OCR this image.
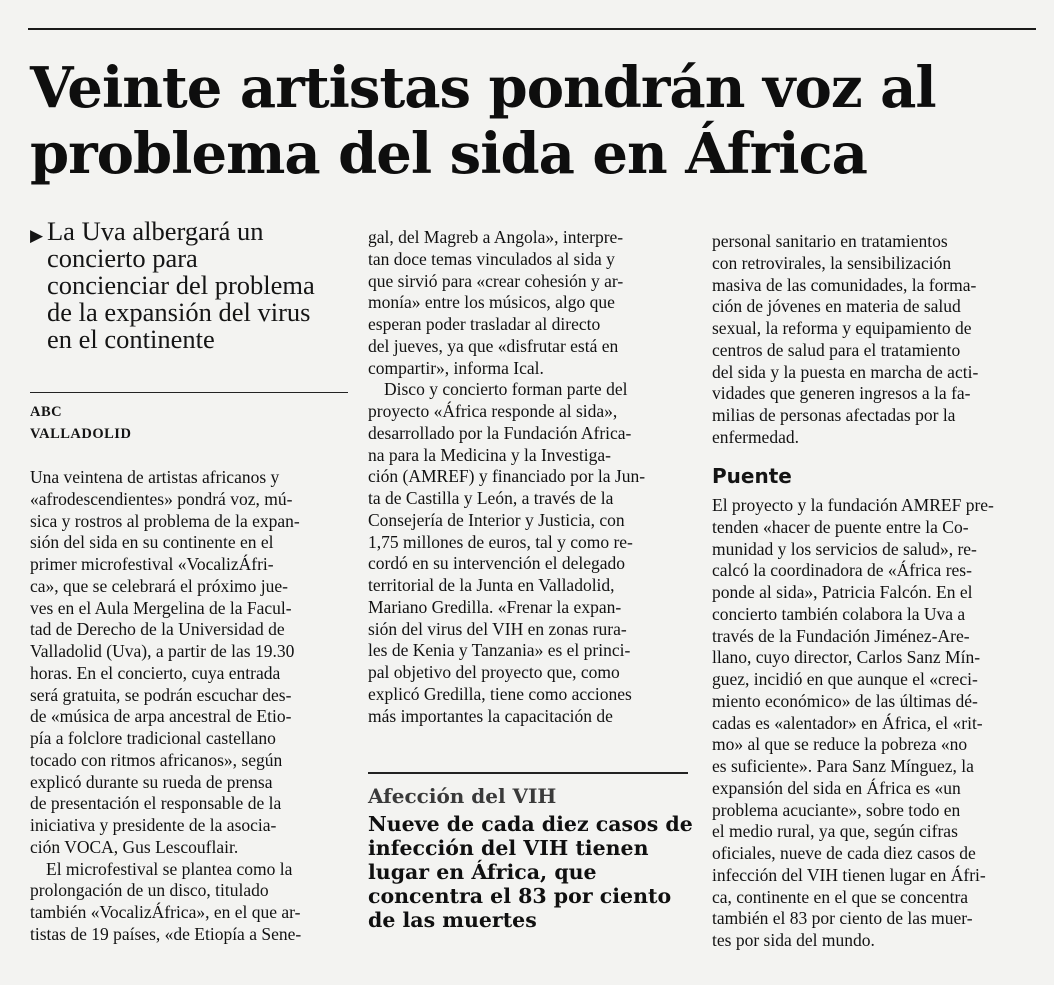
Veinte artistas pondrán voz al
problema del sida en África
▶ La Uva albergará un
concierto para
concienciar del problema
de la expansión del virus
en el continente
ABC
VALLADOLID
Una veintena de artistas africanos y
«afrodescendientes» pondrá voz, mú-
sica y rostros al problema de la expan-
sión del sida en su continente en el
primer microfestival «VocalizÁfri-
ca», que se celebrará el próximo jue-
ves en el Aula Mergelina de la Facul-
tad de Derecho de la Universidad de
Valladolid (Uva), a partir de las 19.30
horas. En el concierto, cuya entrada
será gratuita, se podrán escuchar des-
de «música de arpa ancestral de Etio-
pía a folclore tradicional castellano
tocado con ritmos africanos», según
explicó durante su rueda de prensa
de presentación el responsable de la
iniciativa y presidente de la asocia-
ción VOCA, Gus Lescouflair.
El microfestival se plantea como la
prolongación de un disco, titulado
también «VocalizÁfrica», en el que ar-
tistas de 19 países, «de Etiopía a Sene-
gal, del Magreb a Angola», interpre-
tan doce temas vinculados al sida y
que sirvió para «crear cohesión y ar-
monía» entre los músicos, algo que
esperan poder trasladar al directo
del jueves, ya que «disfrutar está en
compartir», informa Ical.
Disco y concierto forman parte del
proyecto «África responde al sida»,
desarrollado por la Fundación Africa-
na para la Medicina y la Investiga-
ción (AMREF) y financiado por la Jun-
ta de Castilla y León, a través de la
Consejería de Interior y Justicia, con
1,75 millones de euros, tal y como re-
cordó en su intervención el delegado
territorial de la Junta en Valladolid,
Mariano Gredilla. «Frenar la expan-
sión del virus del VIH en zonas rura-
les de Kenia y Tanzania» es el princi-
pal objetivo del proyecto que, como
explicó Gredilla, tiene como acciones
más importantes la capacitación de
Afección del VIH
Nueve de cada diez casos de
infección del VIH tienen
lugar en África, que
concentra el 83 por ciento
de las muertes
personal sanitario en tratamientos
con retrovirales, la sensibilización
masiva de las comunidades, la forma-
ción de jóvenes en materia de salud
sexual, la reforma y equipamiento de
centros de salud para el tratamiento
del sida y la puesta en marcha de acti-
vidades que generen ingresos a la fa-
milias de personas afectadas por la
enfermedad.
Puente
El proyecto y la fundación AMREF pre-
tenden «hacer de puente entre la Co-
munidad y los servicios de salud», re-
calcó la coordinadora de «África res-
ponde al sida», Patricia Falcón. En el
concierto también colabora la Uva a
través de la Fundación Jiménez-Are-
llano, cuyo director, Carlos Sanz Mín-
guez, incidió en que aunque el «creci-
miento económico» de las últimas dé-
cadas es «alentador» en África, el «rit-
mo» al que se reduce la pobreza «no
es suficiente». Para Sanz Mínguez, la
expansión del sida en África es «un
problema acuciante», sobre todo en
el medio rural, ya que, según cifras
oficiales, nueve de cada diez casos de
infección del VIH tienen lugar en Áfri-
ca, continente en el que se concentra
también el 83 por ciento de las muer-
tes por sida del mundo.
